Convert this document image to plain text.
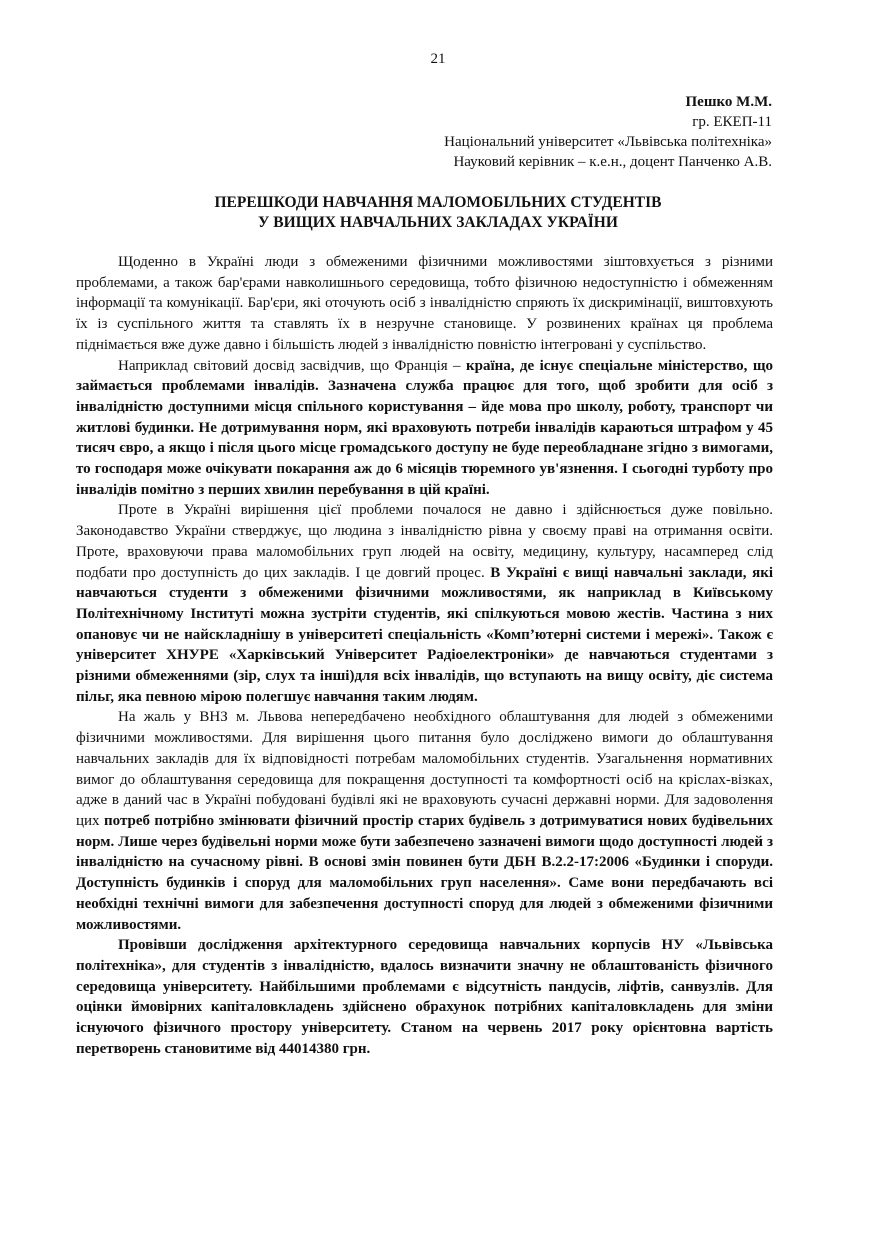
21
Пешко М.М.
гр. ЕКЕП-11
Національний університет «Львівська політехніка»
Науковий керівник – к.е.н., доцент Панченко А.В.
ПЕРЕШКОДИ НАВЧАННЯ МАЛОМОБІЛЬНИХ СТУДЕНТІВ
У ВИЩИХ НАВЧАЛЬНИХ ЗАКЛАДАХ УКРАЇНИ

Щоденно в Україні люди з обмеженими фізичними можливостями зіштовхується з різними проблемами, а також бар'єрами навколишнього середовища, тобто фізичною недоступністю і обмеженням інформації та комунікації. Бар'єри, які оточують осіб з інвалідністю спряють їх дискримінації, виштовхують їх із суспільного життя та ставлять їх в незручне становище. У розвинених країнах ця проблема піднімається вже дуже давно і більшість людей з інвалідністю повністю інтегровані у суспільство.

Наприклад світовий досвід засвідчив, що Франція – країна, де існує спеціальне міністерство, що займається проблемами інвалідів. Зазначена служба працює для того, щоб зробити для осіб з інвалідністю доступними місця спільного користування – йде мова про школу, роботу, транспорт чи житлові будинки. Не дотримування норм, які враховують потреби інвалідів караються штрафом у 45 тисяч євро, а якщо і після цього місце громадського доступу не буде переобладнане згідно з вимогами, то господаря може очікувати покарання аж до 6 місяців тюремного ув'язнення. І сьогодні турботу про інвалідів помітно з перших хвилин перебування в цій країні.

Проте в Україні вирішення цієї проблеми почалося не давно і здійснюється дуже повільно. Законодавство України стверджує, що людина з інвалідністю рівна у своєму праві на отримання освіти. Проте, враховуючи права маломобільних груп людей на освіту, медицину, культуру, насамперед слід подбати про доступність до цих закладів. І це довгий процес. В Україні є вищі навчальні заклади, які навчаються студенти з обмеженими фізичними можливостями, як наприклад в Київському Політехнічному Інституті можна зустріти студентів, які спілкуються мовою жестів. Частина з них опановує чи не найскладнішу в університеті спеціальність «Комп’ютерні системи і мережі». Також є університет ХНУРЕ «Харківський Університет Радіоелектроніки» де навчаються студентами з різними обмеженнями (зір, слух та інші)для всіх інвалідів, що вступають на вищу освіту, діє система пільг, яка певною мірою полегшує навчання таким людям.

На жаль у ВНЗ м. Львова непередбачено необхідного облаштування для людей з обмеженими фізичними можливостями. Для вирішення цього питання було досліджено вимоги до облаштування навчальних закладів для їх відповідності потребам маломобільних студентів. Узагальнення нормативних вимог до облаштування середовища для покращення доступності та комфортності осіб на кріслах-візках, адже в даний час в Україні побудовані будівлі які не враховують сучасні державні норми. Для задоволення цих потреб потрібно змінювати фізичний простір старих будівель з дотримуватися нових будівельних норм. Лише через будівельні норми може бути забезпечено зазначені вимоги щодо доступності людей з інвалідністю на сучасному рівні. В основі змін повинен бути ДБН В.2.2-17:2006 «Будинки і споруди. Доступність будинків і споруд для маломобільних груп населення». Саме вони передбачають всі необхідні технічні вимоги для забезпечення доступності споруд для людей з обмеженими фізичними можливостями.

Провівши дослідження архітектурного середовища навчальних корпусів НУ «Львівська політехніка», для студентів з інвалідністю, вдалось визначити значну не облаштованість фізичного середовища університету. Найбільшими проблемами є відсутність пандусів, ліфтів, санвузлів. Для оцінки ймовірних капіталовкладень здійснено обрахунок потрібних капіталовкладень для зміни існуючого фізичного простору університету. Станом на червень 2017 року орієнтовна вартість перетворень становитиме від 44014380 грн.
